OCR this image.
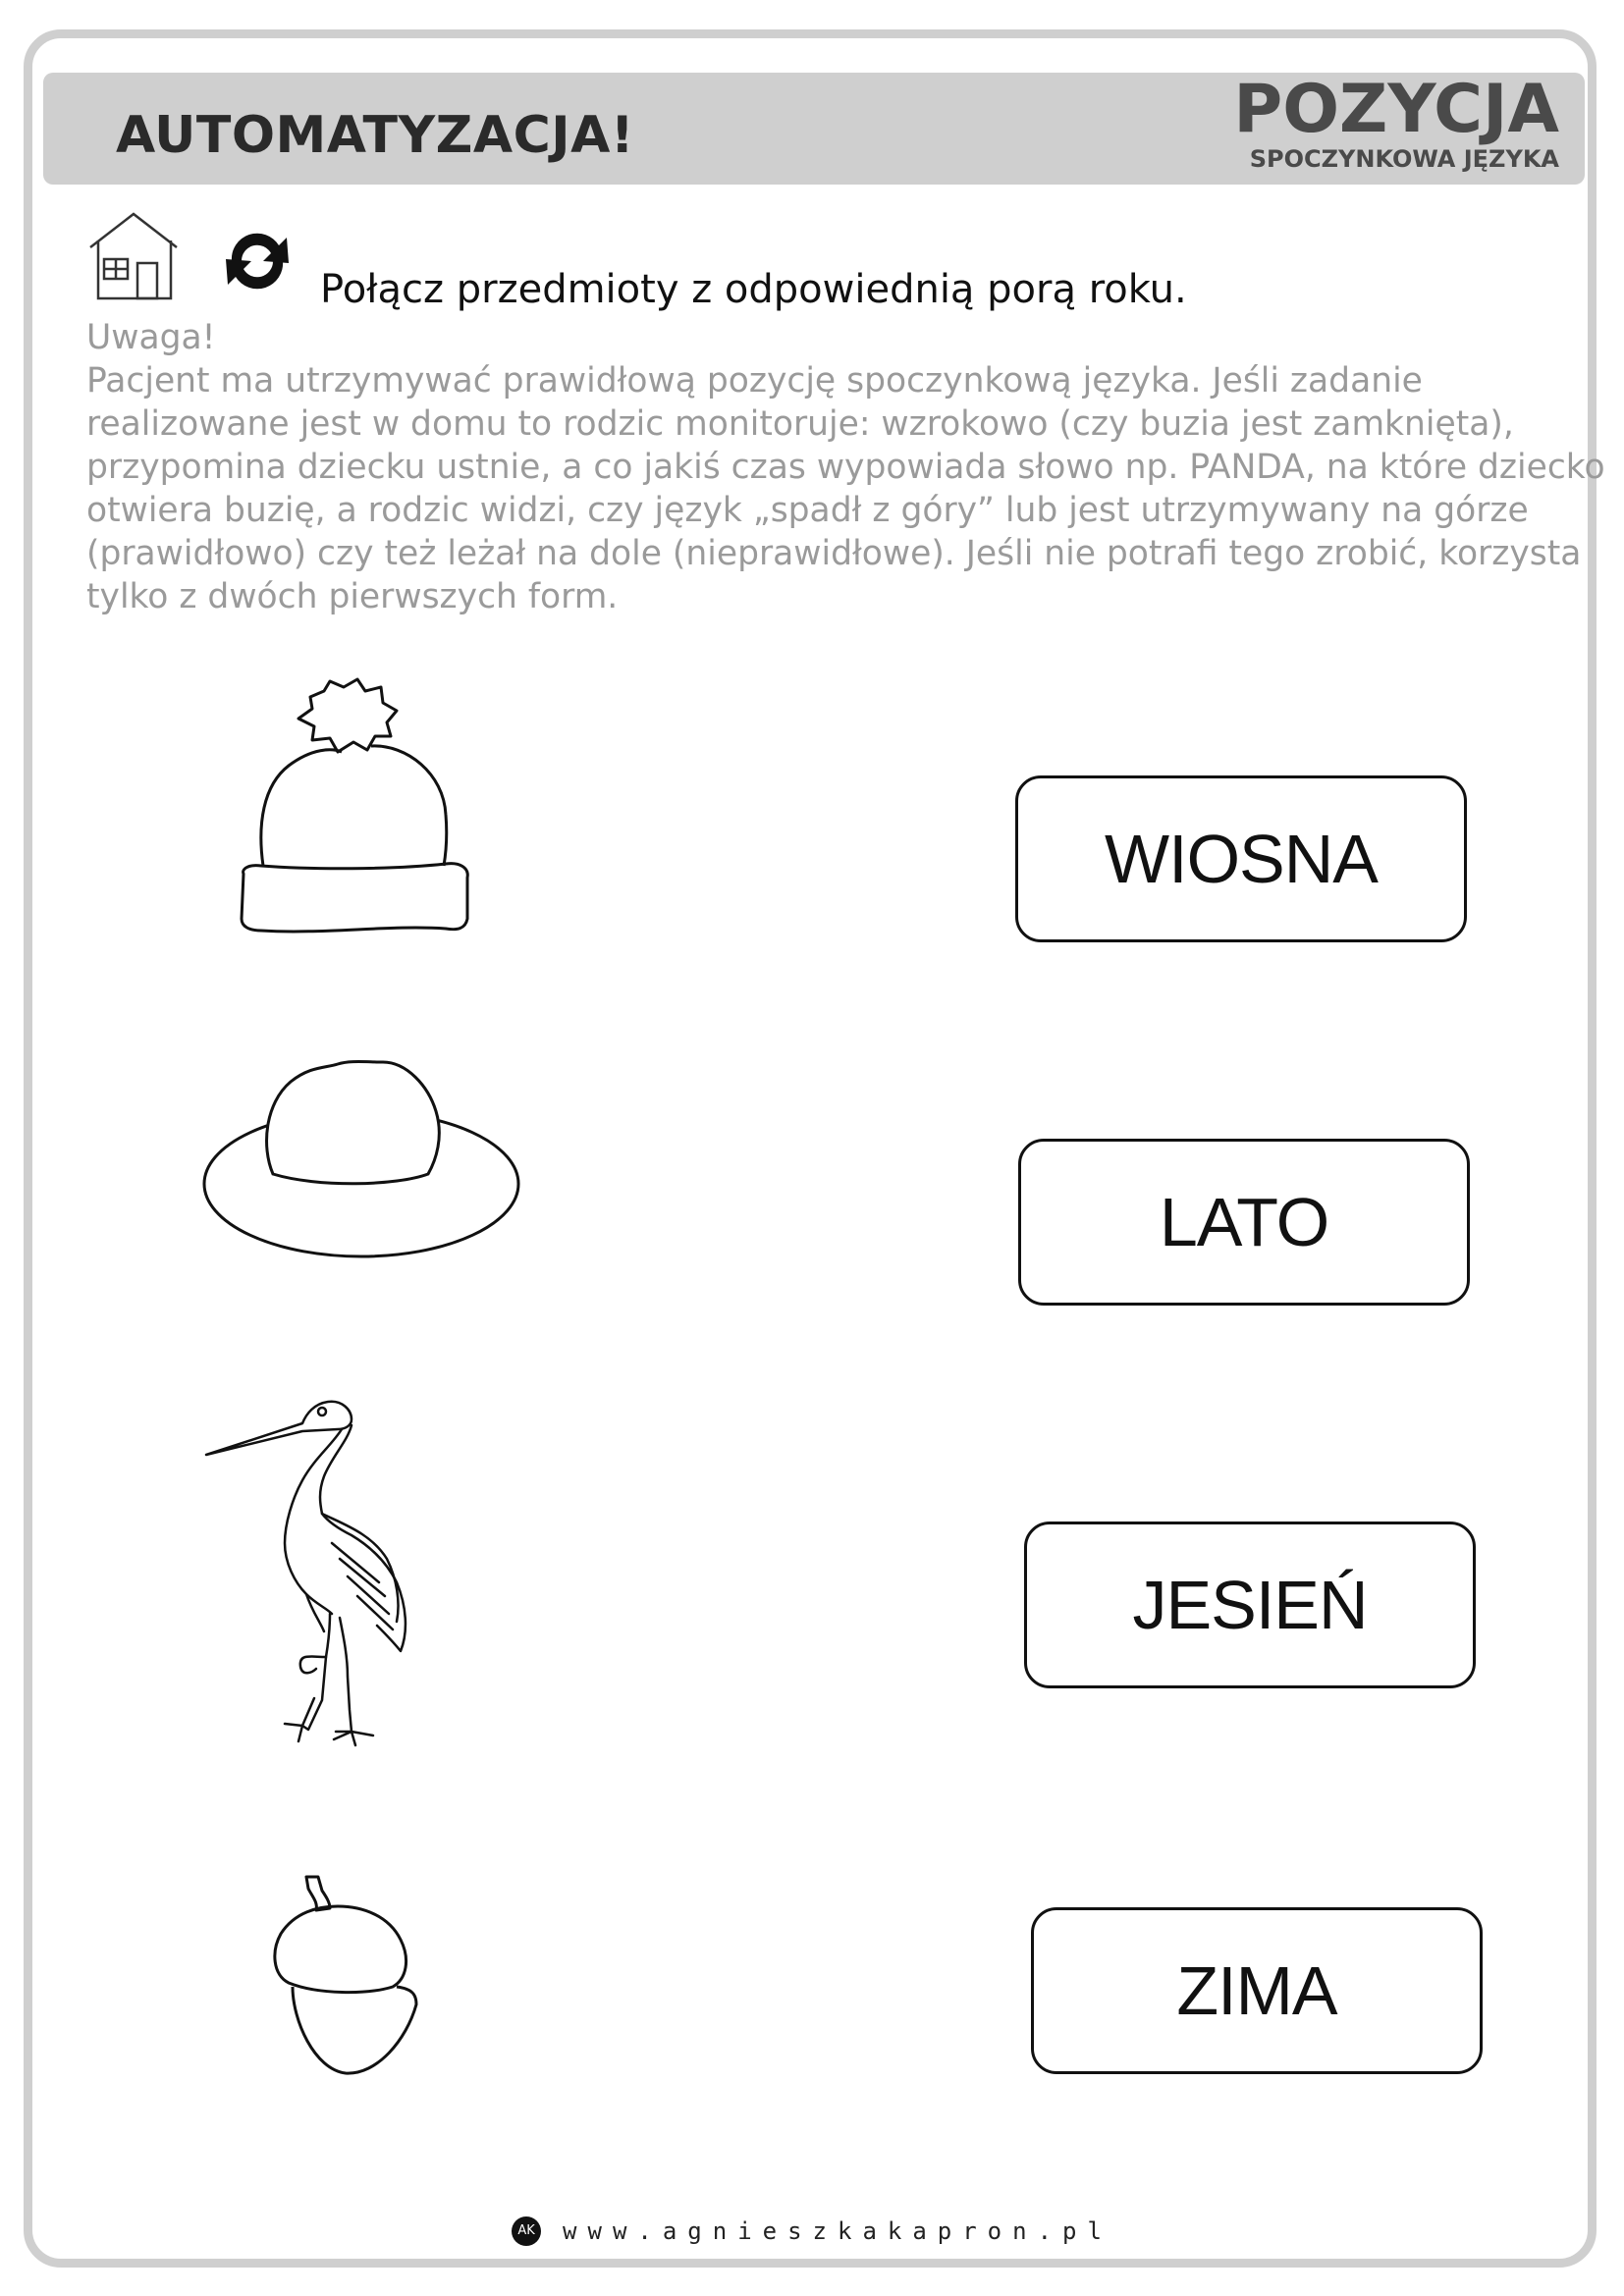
AUTOMATYZACJA!	POZYCJA
SPOCZYNKOWA JĘZYKA
Połącz przedmioty z odpowiednią porą roku.
Uwaga!
Pacjent ma utrzymywać prawidłową pozycję spoczynkową języka. Jeśli zadanie
realizowane jest w domu to rodzic monitoruje: wzrokowo (czy buzia jest zamknięta),
przypomina dziecku ustnie, a co jakiś czas wypowiada słowo np. PANDA, na które dziecko
otwiera buzię, a rodzic widzi, czy język „spadł z góry” lub jest utrzymywany na górze
(prawidłowo) czy też leżał na dole (nieprawidłowe). Jeśli nie potrafi tego zrobić, korzysta
tylko z dwóch pierwszych form.
WIOSNA
LATO
JESIEŃ
ZIMA
AK www.agnieszkakapron.pl
